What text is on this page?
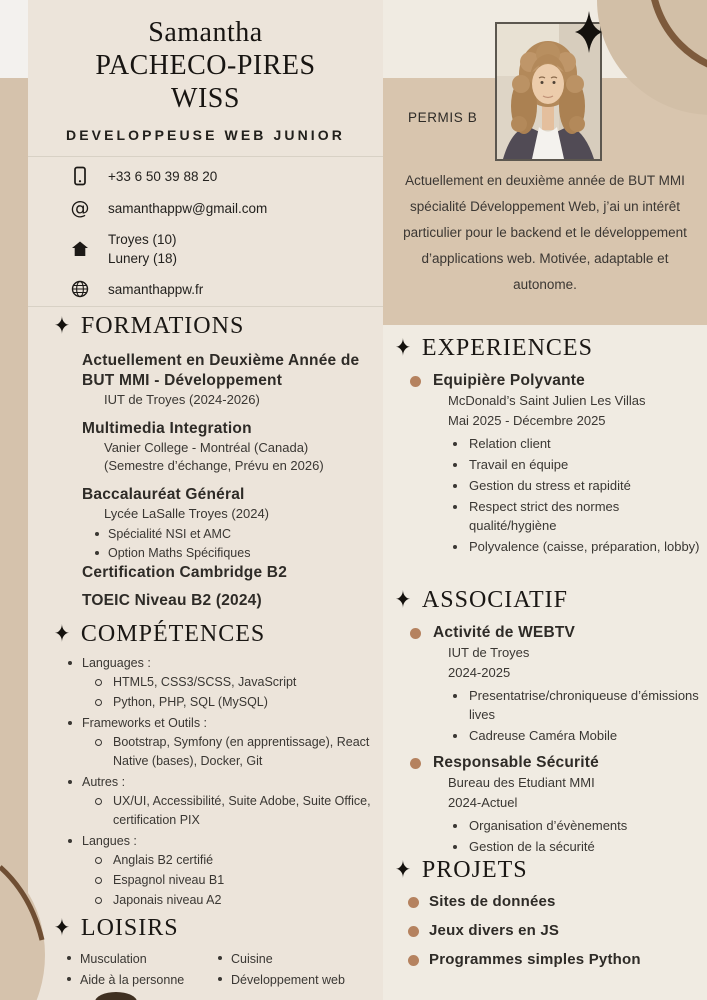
Samantha
PACHECO-PIRES
WISS
DEVELOPPEUSE WEB JUNIOR
+33 6 50 39 88 20
@ samanthappw@gmail.com
Troyes (10)
Lunery (18)
samanthappw.fr
✦ FORMATIONS
Actuellement en Deuxième Année de BUT MMI - Développement
IUT de Troyes (2024-2026)
Multimedia Integration
Vanier College - Montréal (Canada)
(Semestre d’échange, Prévu en 2026)
Baccalauréat Général
Lycée LaSalle Troyes (2024)
Spécialité NSI et AMC
Option Maths Spécifiques
Certification Cambridge B2
TOEIC Niveau B2 (2024)
✦ COMPÉTENCES
Languages :
HTML5, CSS3/SCSS, JavaScript
Python, PHP, SQL (MySQL)
Frameworks et Outils :
Bootstrap, Symfony (en apprentissage), React Native (bases), Docker, Git
Autres :
UX/UI, Accessibilité, Suite Adobe, Suite Office, certification PIX
Langues :
Anglais B2 certifié
Espagnol niveau B1
Japonais niveau A2
✦ LOISIRS
Musculation
Aide à la personne
Cuisine
Développement web
PERMIS B

Actuellement en deuxième année de BUT MMI spécialité Développement Web, j’ai un intérêt particulier pour le backend et le développement d’applications web. Motivée, adaptable et autonome.

✦ EXPERIENCES
Equipière Polyvante
McDonald’s Saint Julien Les Villas
Mai 2025 - Décembre 2025
Relation client
Travail en équipe
Gestion du stress et rapidité
Respect strict des normes qualité/hygiène
Polyvalence (caisse, préparation, lobby)
✦ ASSOCIATIF
Activité de WEBTV
IUT de Troyes
2024-2025
Presentatrise/chroniqueuse d’émissions lives
Cadreuse Caméra Mobile
Responsable Sécurité
Bureau des Etudiant MMI
2024-Actuel
Organisation d’évènements
Gestion de la sécurité
✦ PROJETS
Sites de données
Jeux divers en JS
Programmes simples Python
